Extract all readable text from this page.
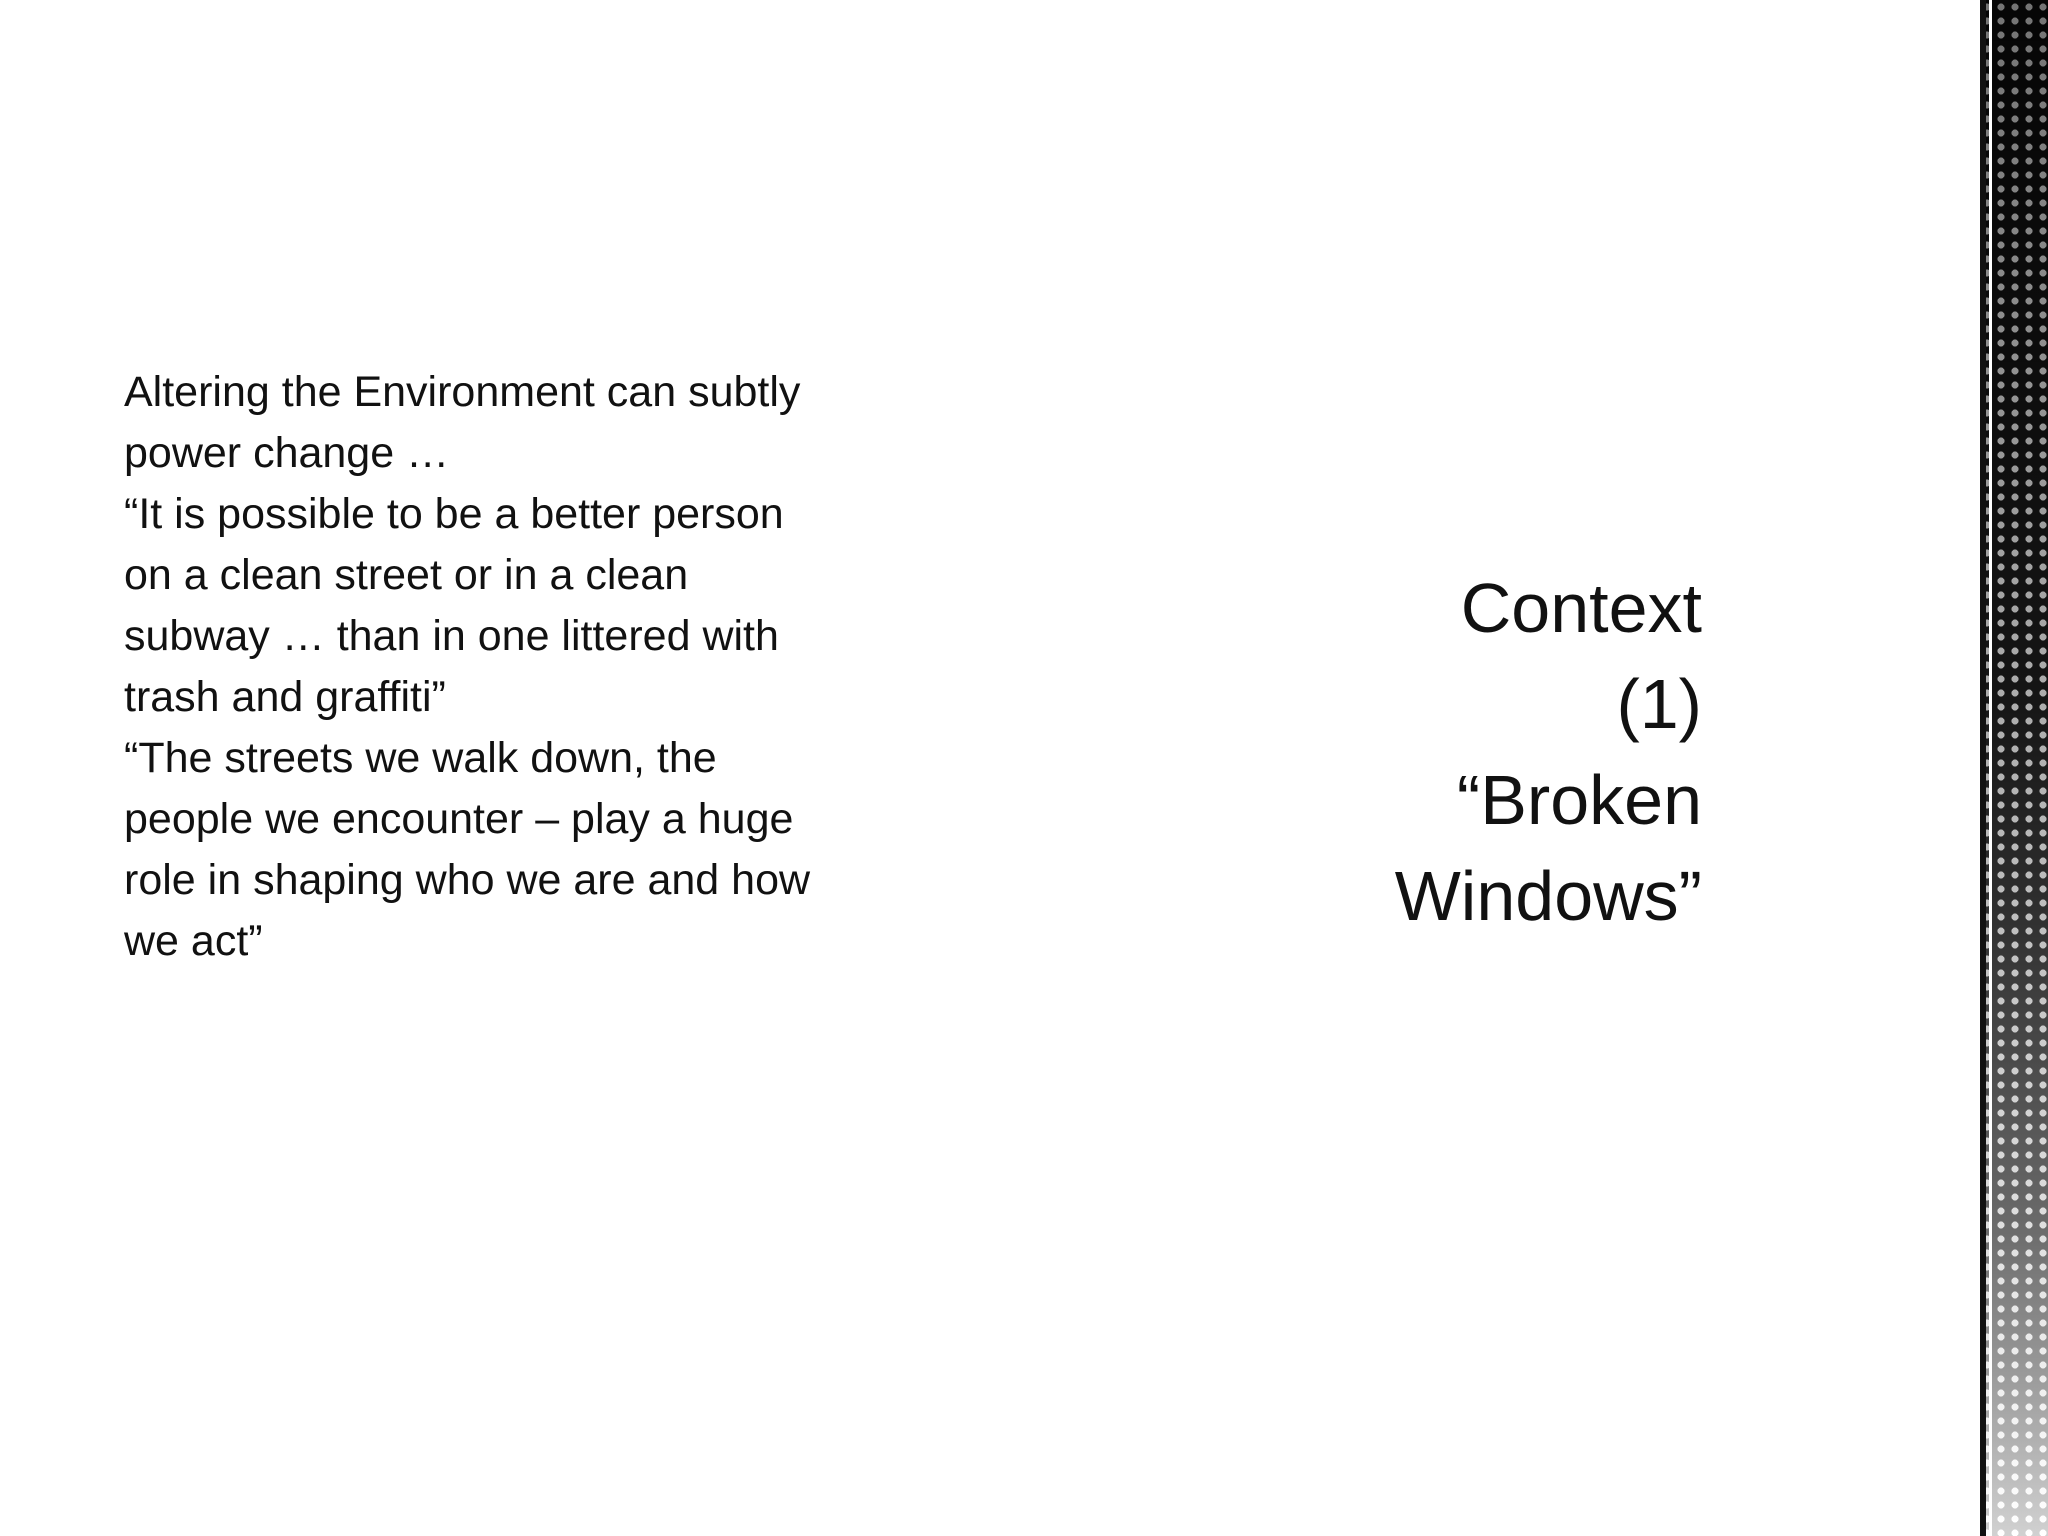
Altering the Environment can subtly
power change …

“It is possible to be a better person
on a clean street or in a clean
subway … than in one littered with
trash and graffiti”

“The streets we walk down, the
people we encounter – play a huge
role in shaping who we are and how
we act”

Context
(1)
“Broken
Windows”
